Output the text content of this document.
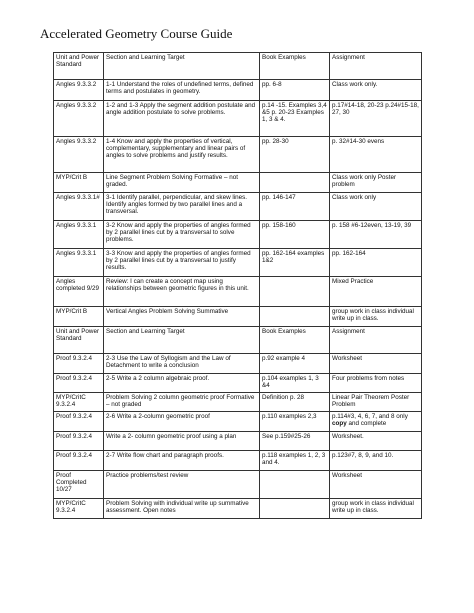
Accelerated Geometry Course Guide
Unit and Power Standard	Section and Learning Target	Book Examples	Assignment
Angles 9.3.3.2	1-1 Understand the roles of undefined terms, defined terms and postulates in geometry.	pp. 6-8	Class work only.
Angles 9.3.3.2	1-2 and 1-3 Apply the segment addition postulate and angle addition postulate to solve problems.	p.14 -15. Examples 3,4 &5 p. 20-23 Examples 1, 3 & 4.	p.17#14-18, 20-23 p.24#15-18, 27, 30
Angles 9.3.3.2	1-4 Know and apply the properties of vertical, complementary, supplementary and linear pairs of angles to solve problems and justify results.	pp. 28-30	p. 32#14-30 evens
MYP/Crit B	Line Segment Problem Solving Formative – not graded.		Class work only Poster problem
Angles 9.3.3.1#	3-1 Identify parallel, perpendicular, and skew lines. Identify angles formed by two parallel lines and a transversal.	pp. 146-147	Class work only
Angles 9.3.3.1	3-2 Know and apply the properties of angles formed by 2 parallel lines cut by a transversal to solve problems.	pp. 158-160	p. 158 #6-12even, 13-19, 39
Angles 9.3.3.1	3-3 Know and apply the properties of angles formed by 2 parallel lines cut by a transversal to justify results.	pp. 162-164 examples 1&2	pp. 162-164
Angles completed 9/29	Review: I can create a concept map using relationships between geometric figures in this unit.		Mixed Practice
MYP/Crit B	Vertical Angles Problem Solving Summative		group work in class individual write up in class.
Unit and Power Standard	Section and Learning Target	Book Examples	Assignment
Proof 9.3.2.4	2-3 Use the Law of Syllogism and the Law of Detachment to write a conclusion	p.92 example 4	Worksheet
Proof 9.3.2.4	2-5 Write a 2 column algebraic proof.	p.104 examples 1, 3 &4	Four problems from notes
MYP/CritC 9.3.2.4	Problem Solving 2 column geometric proof Formative – not graded	Definition p. 28	Linear Pair Theorem Poster Problem
Proof 9.3.2.4	2-6 Write a 2-column geometric proof	p.110 examples 2,3	p.114#3, 4, 6, 7, and 8 only copy and complete
Proof 9.3.2.4	Write a 2- column geometric proof using a plan	See p.159#25-26	Worksheet.
Proof 9.3.2.4	2-7 Write flow chart and paragraph proofs.	p.118 examples 1, 2, 3 and 4.	p.123#7, 8, 9, and 10.
Proof Completed 10/27	Practice problems/test review		Worksheet
MYP/CritC 9.3.2.4	Problem Solving with individual write up summative assessment. Open notes		group work in class individual write up in class.
